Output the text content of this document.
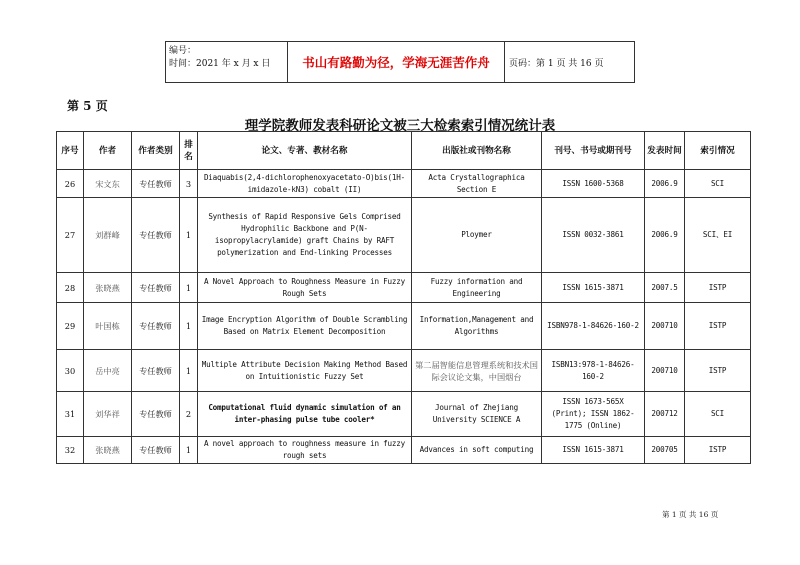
编号：
时间：2021 年 x 月 x 日	书山有路勤为径，学海无涯苦作舟	页码：第 1 页 共 16 页
第 5 页
理学院教师发表科研论文被三大检索索引情况统计表
序号	作者	作者类别	排名	论文、专著、教材名称	出版社或刊物名称	刊号、书号或期刊号	发表时间	索引情况
26	宋文东	专任教师	3	Diaquabis(2,4-dichlorophenoxyacetato-O)bis(1H-imidazole-kN3) cobalt (II)	Acta Crystallographica Section E	ISSN 1600-5368	2006.9	SCI
27	刘群峰	专任教师	1	Synthesis of Rapid Responsive Gels Comprised Hydrophilic Backbone and P(N-isopropylacrylamide) graft Chains by RAFT polymerization and End-linking Processes	Ploymer	ISSN 0032-3861	2006.9	SCI、EI
28	张晓燕	专任教师	1	A Novel Approach to Roughness Measure in Fuzzy Rough Sets	Fuzzy information and Engineering	ISSN 1615-3871	2007.5	ISTP
29	叶国栋	专任教师	1	Image Encryption Algorithm of Double Scrambling Based on Matrix Element Decomposition	Information,Management and Algorithms	ISBN978-1-84626-160-2	200710	ISTP
30	岳中亮	专任教师	1	Multiple Attribute Decision Making Method Based on Intuitionistic Fuzzy Set	第二届智能信息管理系统和技术国际会议论文集，中国烟台	ISBN13:978-1-84626-160-2	200710	ISTP
31	刘华祥	专任教师	2	Computational fluid dynamic simulation of an inter-phasing pulse tube cooler*	Journal of Zhejiang University SCIENCE A	ISSN 1673-565X (Print); ISSN 1862-1775 (Online)	200712	SCI
32	张晓燕	专任教师	1	A novel approach to roughness measure in fuzzy rough sets	Advances in soft computing	ISSN 1615-3871	200705	ISTP
第 1 页 共 16 页
